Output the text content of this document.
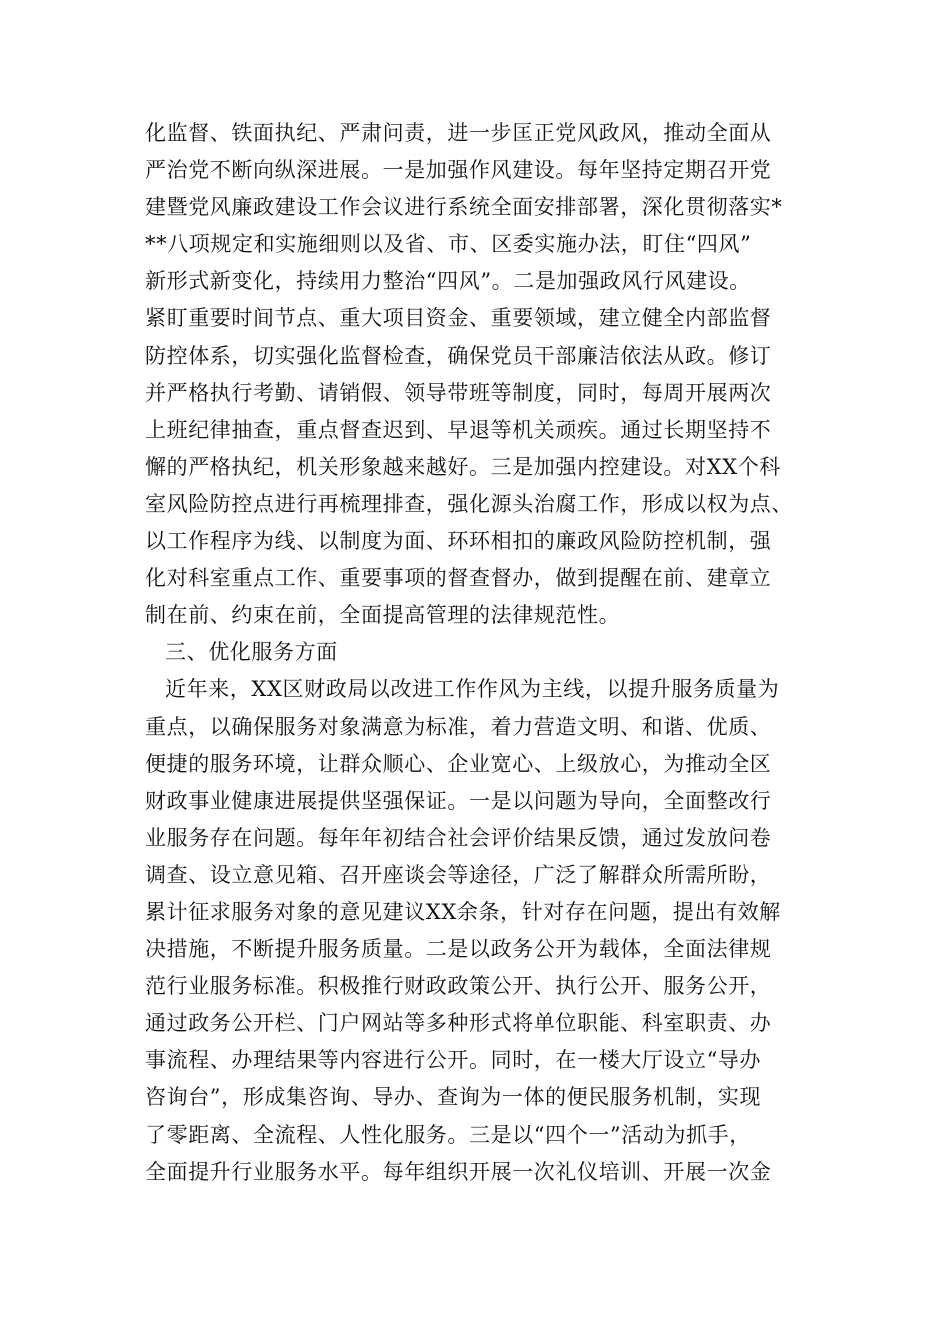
化监督、铁面执纪、严肃问责，进一步匡正党风政风，推动全面从
严治党不断向纵深进展。一是加强作风建设。每年坚持定期召开党
建暨党风廉政建设工作会议进行系统全面安排部署，深化贯彻落实*
**八项规定和实施细则以及省、市、区委实施办法，盯住“四风”
新形式新变化，持续用力整治“四风”。二是加强政风行风建设。
紧盯重要时间节点、重大项目资金、重要领域，建立健全内部监督
防控体系，切实强化监督检查，确保党员干部廉洁依法从政。修订
并严格执行考勤、请销假、领导带班等制度，同时，每周开展两次
上班纪律抽查，重点督查迟到、早退等机关顽疾。通过长期坚持不
懈的严格执纪，机关形象越来越好。三是加强内控建设。对XX个科
室风险防控点进行再梳理排查，强化源头治腐工作，形成以权为点、
以工作程序为线、以制度为面、环环相扣的廉政风险防控机制，强
化对科室重点工作、重要事项的督查督办，做到提醒在前、建章立
制在前、约束在前，全面提高管理的法律规范性。
三、优化服务方面
近年来，XX区财政局以改进工作作风为主线，以提升服务质量为
重点，以确保服务对象满意为标准，着力营造文明、和谐、优质、
便捷的服务环境，让群众顺心、企业宽心、上级放心，为推动全区
财政事业健康进展提供坚强保证。一是以问题为导向，全面整改行
业服务存在问题。每年年初结合社会评价结果反馈，通过发放问卷
调查、设立意见箱、召开座谈会等途径，广泛了解群众所需所盼，
累计征求服务对象的意见建议XX余条，针对存在问题，提出有效解
决措施，不断提升服务质量。二是以政务公开为载体，全面法律规
范行业服务标准。积极推行财政政策公开、执行公开、服务公开，
通过政务公开栏、门户网站等多种形式将单位职能、科室职责、办
事流程、办理结果等内容进行公开。同时，在一楼大厅设立“导办
咨询台”，形成集咨询、导办、查询为一体的便民服务机制，实现
了零距离、全流程、人性化服务。三是以“四个一”活动为抓手，
全面提升行业服务水平。每年组织开展一次礼仪培训、开展一次金
